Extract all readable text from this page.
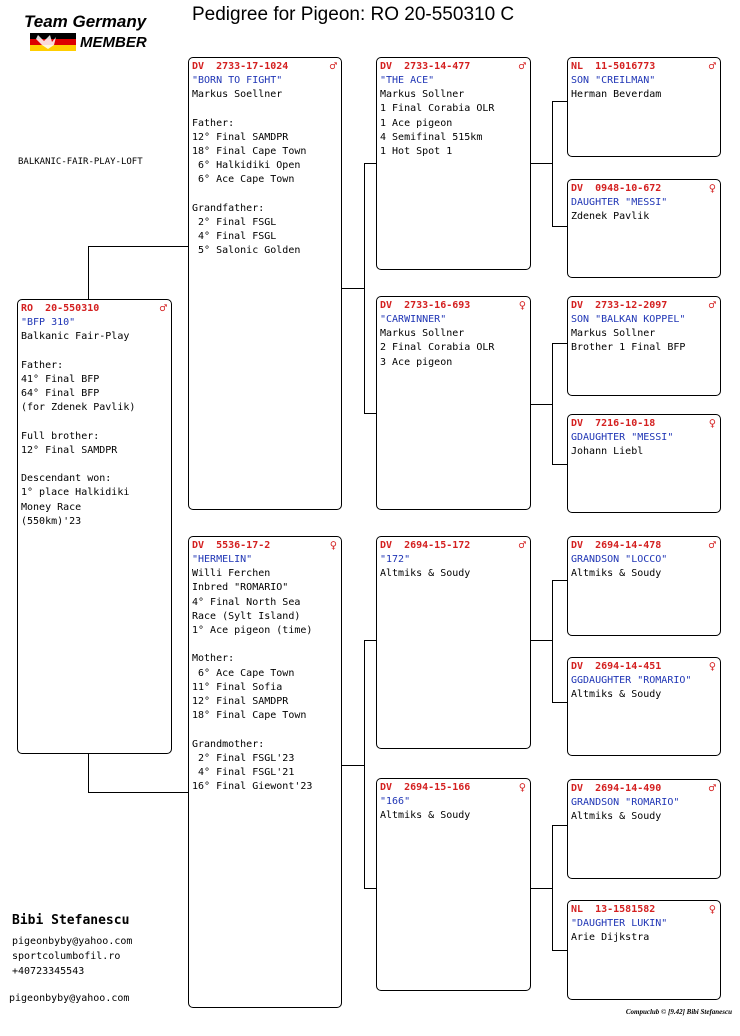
Team Germany
MEMBER
Pedigree for Pigeon: RO 20-550310 C
BALKANIC-FAIR-PLAY-LOFT
RO  20-550310	♂
"BFP 310"
Balkanic Fair-Play
Father:
41° Final BFP
64° Final BFP
(for Zdenek Pavlik)
Full brother:
12° Final SAMDPR
Descendant won:
1° place Halkidiki
Money Race
(550km)'23
DV  2733-17-1024	♂
"BORN TO FIGHT"
Markus Soellner
Father:
12° Final SAMDPR
18° Final Cape Town
6° Halkidiki Open
6° Ace Cape Town
Grandfather:
2° Final FSGL
4° Final FSGL
5° Salonic Golden
DV  5536-17-2	♀
"HERMELIN"
Willi Ferchen
Inbred "ROMARIO"
4° Final North Sea
Race (Sylt Island)
1° Ace pigeon (time)
Mother:
6° Ace Cape Town
11° Final Sofia
12° Final SAMDPR
18° Final Cape Town
Grandmother:
2° Final FSGL'23
4° Final FSGL'21
16° Final Giewont'23
DV  2733-14-477	♂
"THE ACE"
Markus Sollner
1 Final Corabia OLR
1 Ace pigeon
4 Semifinal 515km
1 Hot Spot 1
DV  2733-16-693	♀
"CARWINNER"
Markus Sollner
2 Final Corabia OLR
3 Ace pigeon
DV  2694-15-172	♂
"172"
Altmiks & Soudy
DV  2694-15-166	♀
"166"
Altmiks & Soudy
NL  11-5016773	♂
SON "CREILMAN"
Herman Beverdam
DV  0948-10-672	♀
DAUGHTER "MESSI"
Zdenek Pavlik
DV  2733-12-2097	♂
SON "BALKAN KOPPEL"
Markus Sollner
Brother 1 Final BFP
DV  7216-10-18	♀
GDAUGHTER "MESSI"
Johann Liebl
DV  2694-14-478	♂
GRANDSON "LOCCO"
Altmiks & Soudy
DV  2694-14-451	♀
GGDAUGHTER "ROMARIO"
Altmiks & Soudy
DV  2694-14-490	♂
GRANDSON "ROMARIO"
Altmiks & Soudy
NL  13-1581582	♀
"DAUGHTER LUKIN"
Arie Dijkstra
Bibi Stefanescu
pigeonbyby@yahoo.com
sportcolumbofil.ro
+40723345543
pigeonbyby@yahoo.com
Compuclub © [9.42] Bibi Stefanescu
